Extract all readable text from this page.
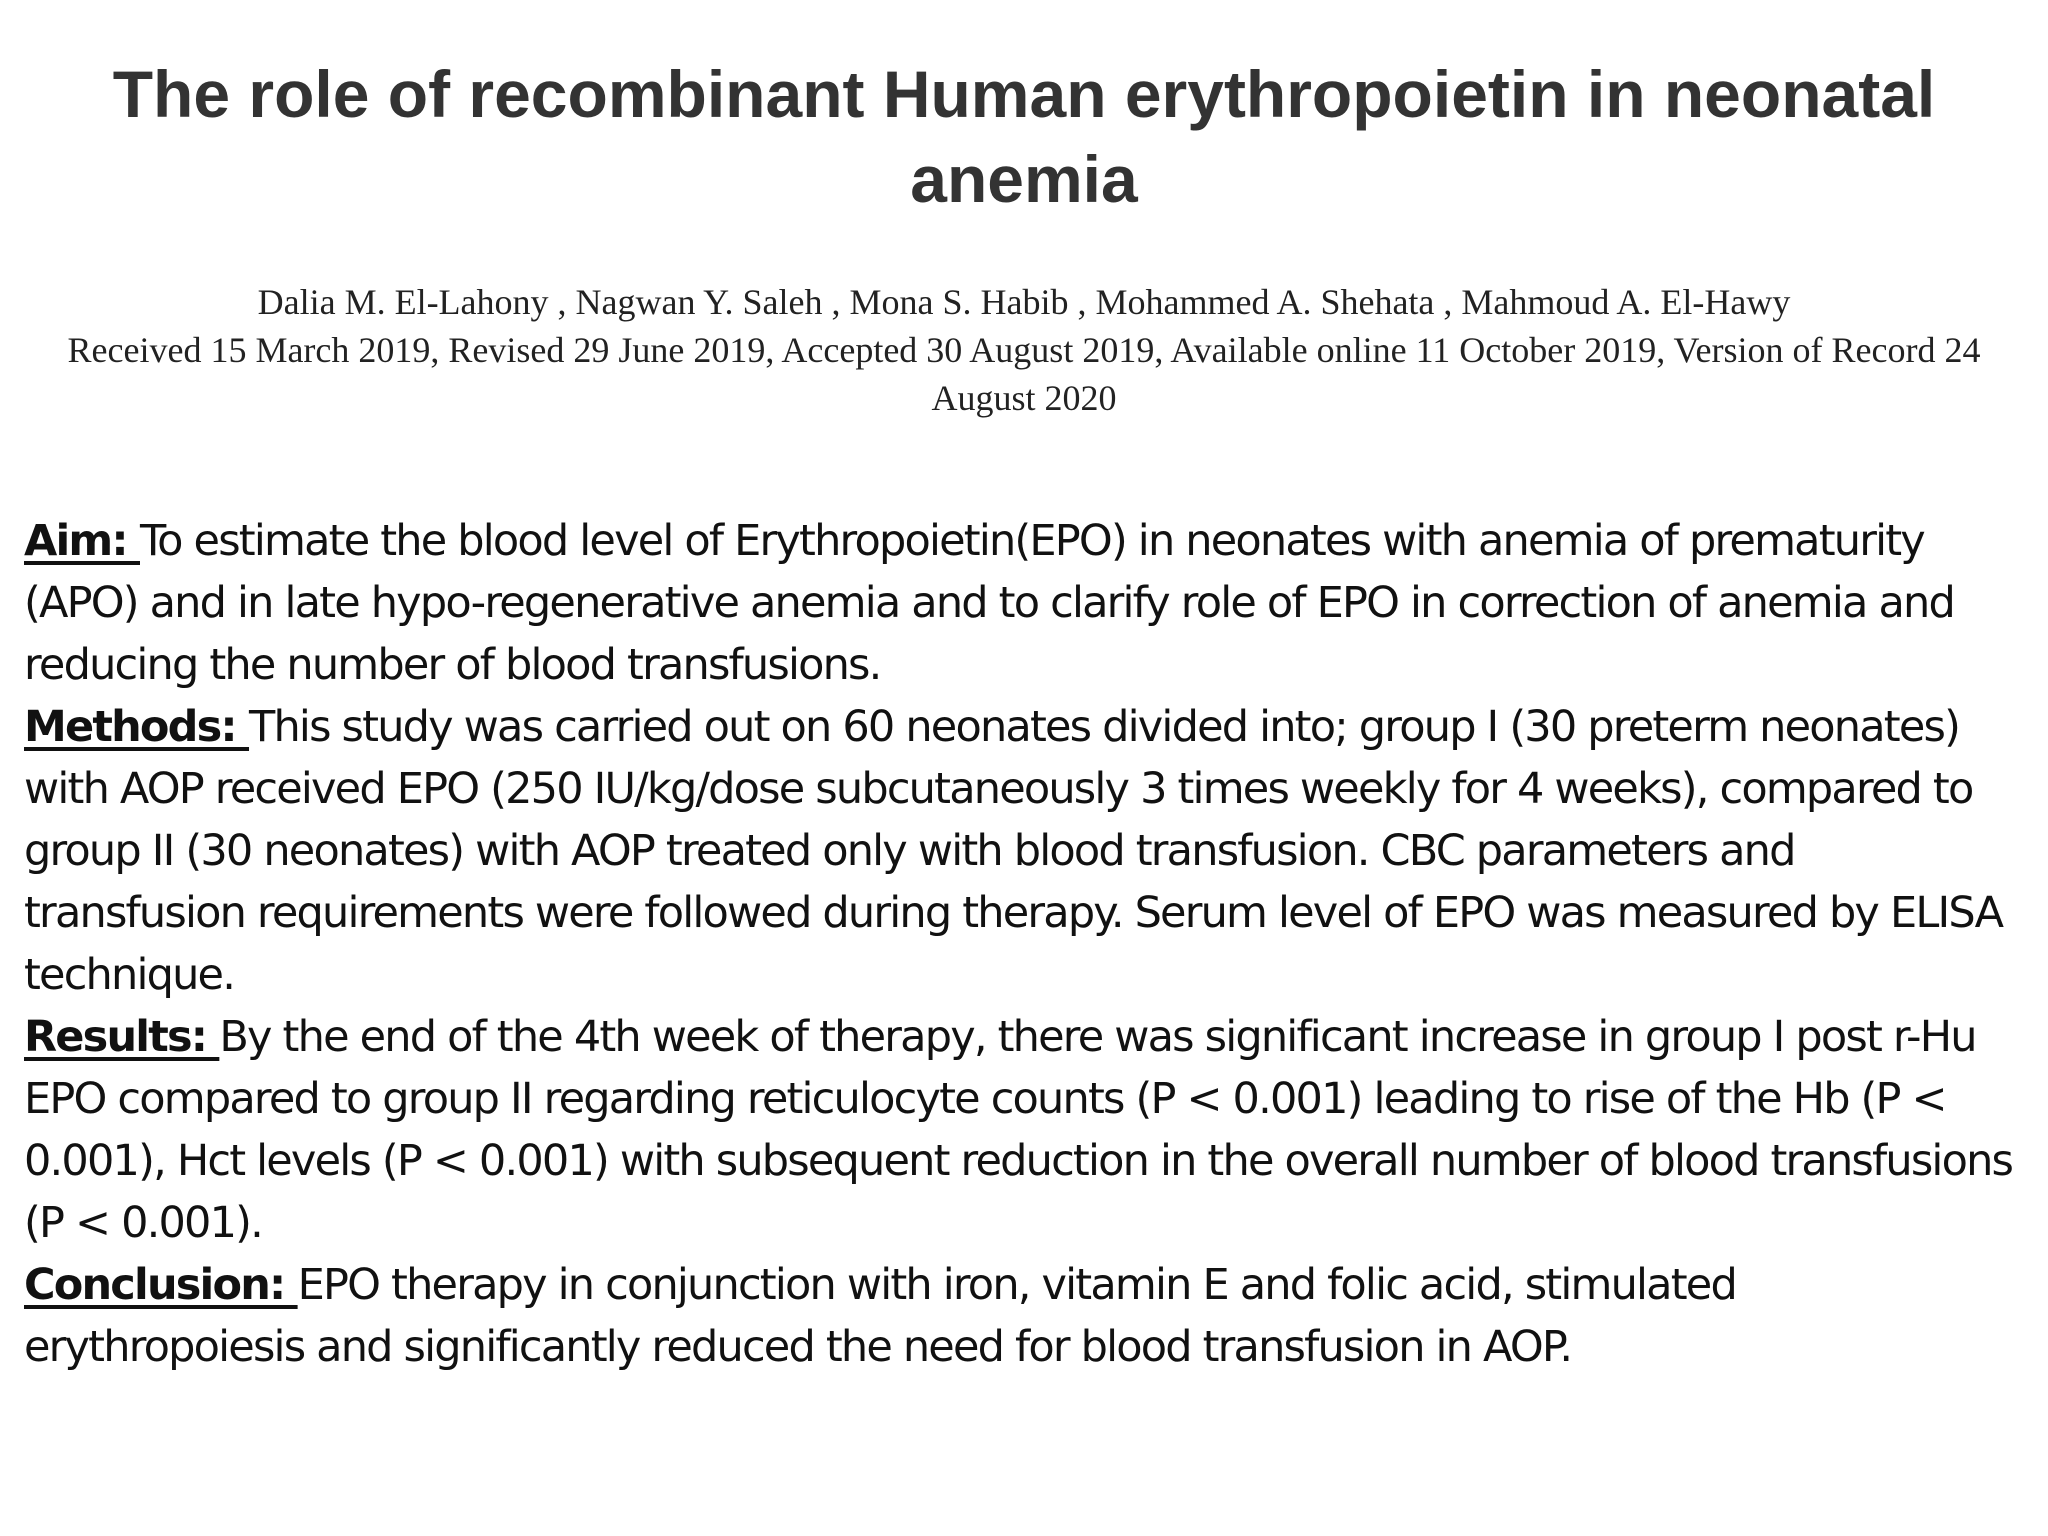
The role of recombinant Human erythropoietin in neonatal anemia
Dalia M. El-Lahony , Nagwan Y. Saleh , Mona S. Habib , Mohammed A. Shehata , Mahmoud A. El-Hawy
Received 15 March 2019, Revised 29 June 2019, Accepted 30 August 2019, Available online 11 October 2019, Version of Record 24 August 2020

Aim: To estimate the blood level of Erythropoietin(EPO) in neonates with anemia of prematurity (APO) and in late hypo-regenerative anemia and to clarify role of EPO in correction of anemia and reducing the number of blood transfusions.

Methods: This study was carried out on 60 neonates divided into; group I (30 preterm neonates) with AOP received EPO (250 IU/kg/dose subcutaneously 3 times weekly for 4 weeks), compared to group II (30 neonates) with AOP treated only with blood transfusion. CBC parameters and transfusion requirements were followed during therapy. Serum level of EPO was measured by ELISA technique.

Results: By the end of the 4th week of therapy, there was significant increase in group I post r-Hu EPO compared to group II regarding reticulocyte counts (P < 0.001) leading to rise of the Hb (P < 0.001), Hct levels (P < 0.001) with subsequent reduction in the overall number of blood transfusions (P < 0.001).

Conclusion: EPO therapy in conjunction with iron, vitamin E and folic acid, stimulated erythropoiesis and significantly reduced the need for blood transfusion in AOP.
